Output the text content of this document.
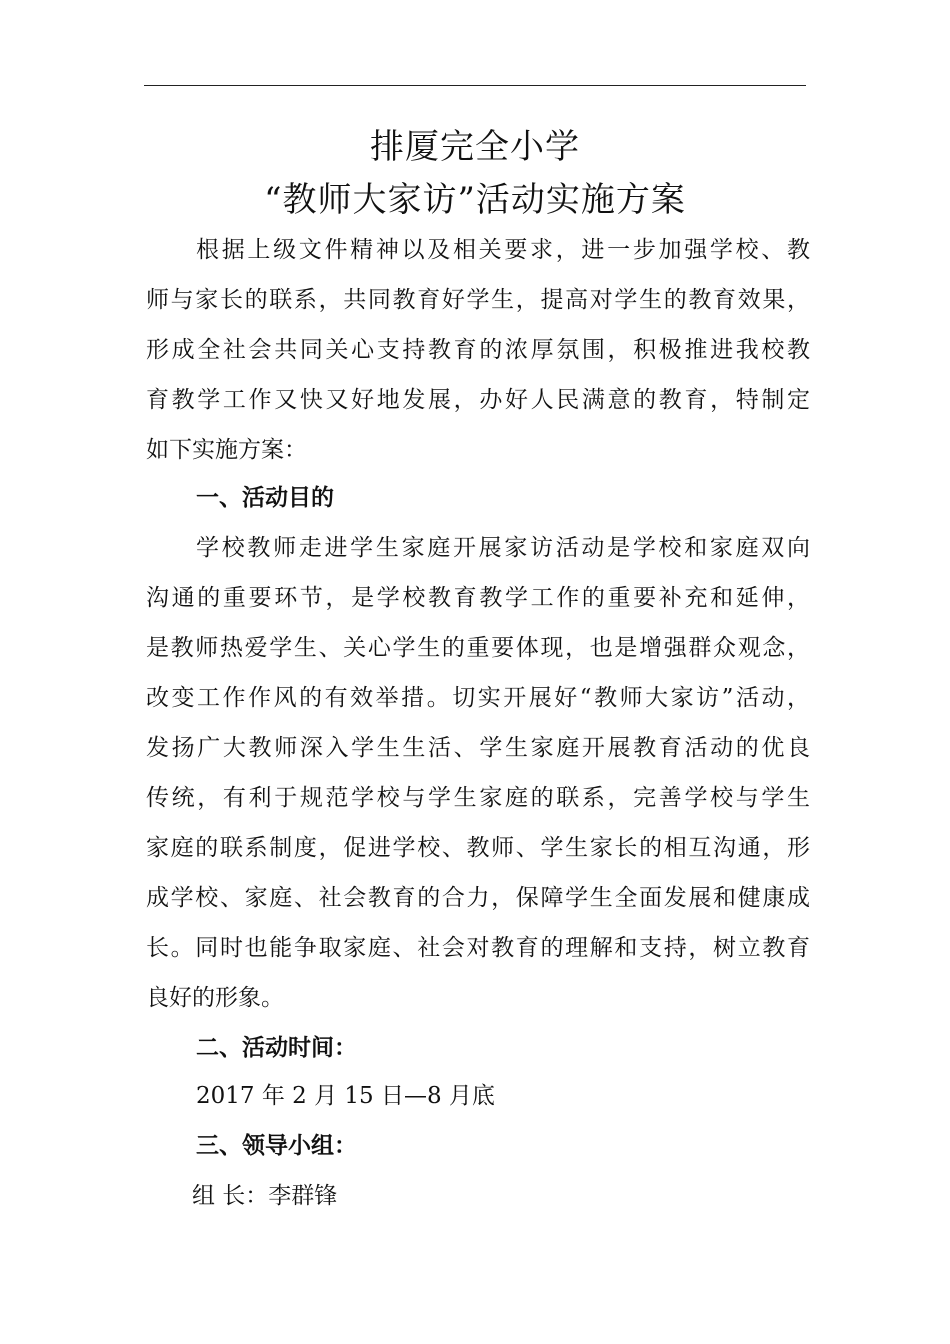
排厦完全小学
“教师大家访”活动实施方案
根据上级文件精神以及相关要求，进一步加强学校、教
师与家长的联系，共同教育好学生，提高对学生的教育效果，
形成全社会共同关心支持教育的浓厚氛围，积极推进我校教
育教学工作又快又好地发展，办好人民满意的教育，特制定
如下实施方案：
一、活动目的
学校教师走进学生家庭开展家访活动是学校和家庭双向
沟通的重要环节，是学校教育教学工作的重要补充和延伸，
是教师热爱学生、关心学生的重要体现，也是增强群众观念，
改变工作作风的有效举措。切实开展好“教师大家访”活动，
发扬广大教师深入学生生活、学生家庭开展教育活动的优良
传统，有利于规范学校与学生家庭的联系，完善学校与学生
家庭的联系制度，促进学校、教师、学生家长的相互沟通，形
成学校、家庭、社会教育的合力，保障学生全面发展和健康成
长。同时也能争取家庭、社会对教育的理解和支持，树立教育
良好的形象。
二、活动时间：
2017 年 2 月 15 日—8 月底
三、领导小组：
组 长：李群锋
